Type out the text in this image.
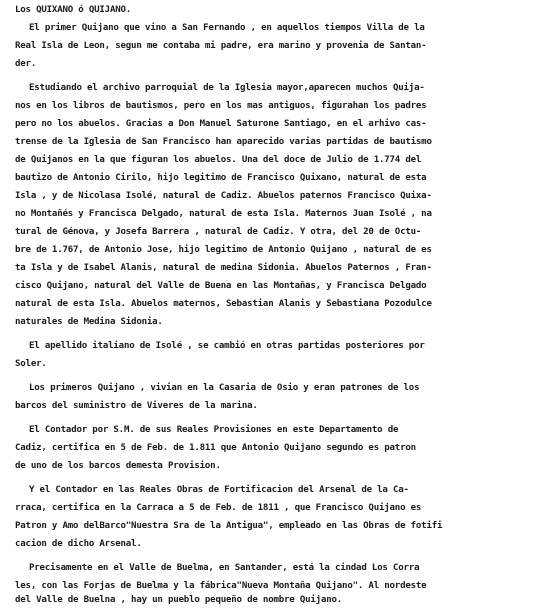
Los QUIXANO ó QUIJANO.
El primer Quijano que vino a San Fernando , en aquellos tiempos Villa de la
Real Isla de Leon, segun me contaba mi padre, era marino y provenia de Santan-
der.
Estudiando el archivo parroquial de la Iglesia mayor,aparecen muchos Quija-
nos en los libros de bautismos, pero en los mas antiguos, figurahan los padres
pero no los abuelos. Gracias a Don Manuel Saturone Santiago, en el arhivo cas-
trense de la Iglesia de San Francisco han aparecido varias partidas de bautismo
de Quijanos en la que figuran los abuelos. Una del doce de Julio de 1.774 del
bautizo de Antonio Cirilo, hijo legitimo de Francisco Quixano, natural de esta
Isla , y de Nicolasa Isolé, natural de Cadiz. Abuelos paternos Francisco Quixa-
no Montañés y Francisca Delgado, natural de esta Isla. Maternos Juan Isolé , na
tural de Génova, y Josefa Barrera , natural de Cadiz. Y otra, del 20 de Octu-
bre de 1.767, de Antonio Jose, hijo legitimo de Antonio Quijano , natural de es
ta Isla y de Isabel Alanis, natural de medina Sidonia. Abuelos Paternos , Fran-
cisco Quijano, natural del Valle de Buena en las Montañas, y Francisca Delgado
natural de esta Isla. Abuelos maternos, Sebastian Alanis y Sebastiana Pozodulce
naturales de Medina Sidonia.
El apellido italiano de Isolé , se cambió en otras partidas posteriores por
Soler.
Los primeros Quijano , vivian en la Casaria de Osio y eran patrones de los
barcos del suministro de Viveres de la marina.
El Contador por S.M. de sus Reales Provisiones en este Departamento de
Cadiz, certifica en 5 de Feb. de 1.811 que Antonio Quijano segundo es patron
de uno de los barcos demesta Provision.
Y el Contador en las Reales Obras de Fortificacion del Arsenal de la Ca-
rraca, certifica en la Carraca a 5 de Feb. de 1811 , que Francisco Quijano es
Patron y Amo delBarco"Nuestra Sra de la Antigua", empleado en las Obras de fotifi
cacion de dicho Arsenal.
Precisamente en el Valle de Buelma, en Santander, está la cindad Los Corra
les, con las Forjas de Buelma y la fábrica"Nueva Montaña Quijano". Al nordeste
del Valle de Buelna , hay un pueblo pequeño de nombre Quijano.
